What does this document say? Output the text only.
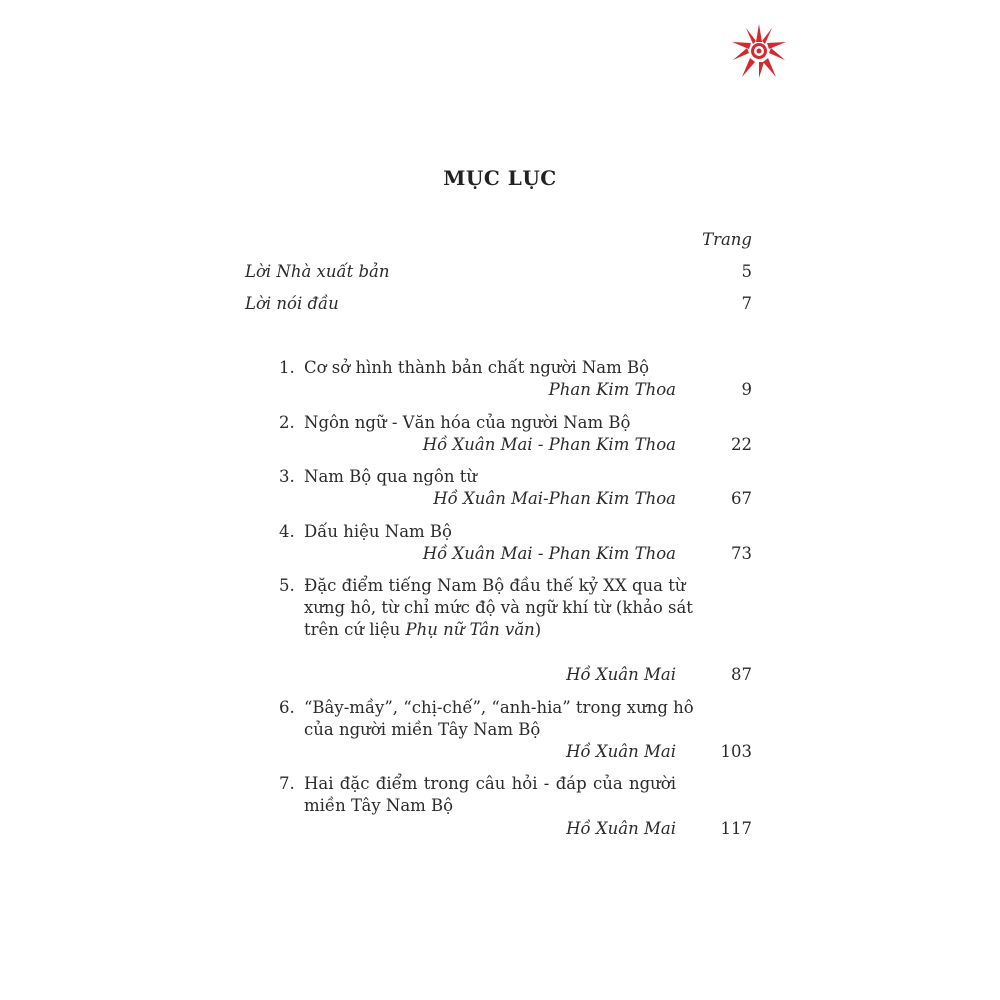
MỤC LỤC
Trang
Lời Nhà xuất bản	5
Lời nói đầu	7
1. Cơ sở hình thành bản chất người Nam Bộ
Phan Kim Thoa	9
2. Ngôn ngữ - Văn hóa của người Nam Bộ
Hồ Xuân Mai - Phan Kim Thoa	22
3. Nam Bộ qua ngôn từ
Hồ Xuân Mai-Phan Kim Thoa	67
4. Dấu hiệu Nam Bộ
Hồ Xuân Mai - Phan Kim Thoa	73
5. Đặc điểm tiếng Nam Bộ đầu thế kỷ XX qua từ
xưng hô, từ chỉ mức độ và ngữ khí từ (khảo sát
trên cứ liệu Phụ nữ Tân văn)
Hồ Xuân Mai	87
6. “Bây-mầy”, “chị-chế”, “anh-hia” trong xưng hô
của người miền Tây Nam Bộ
Hồ Xuân Mai	103
7. Hai đặc điểm trong câu hỏi - đáp của người
miền Tây Nam Bộ
Hồ Xuân Mai	117
